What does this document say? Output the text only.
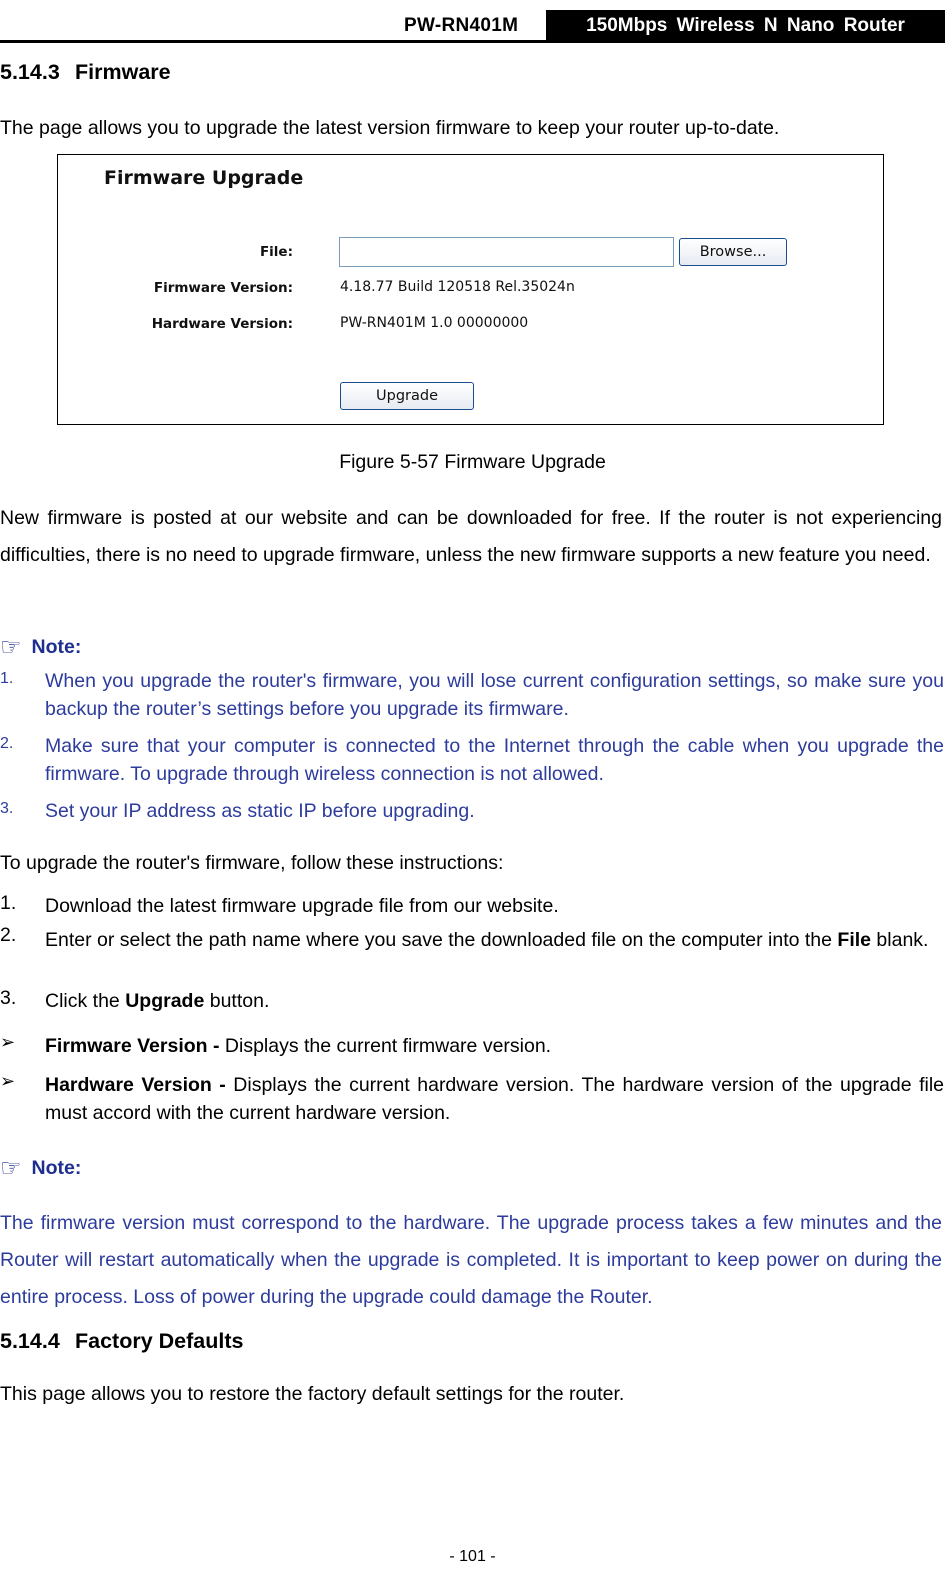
PW-RN401M	150Mbps Wireless N Nano Router
5.14.3 Firmware
The page allows you to upgrade the latest version firmware to keep your router up-to-date.
Firmware Upgrade
File:	Browse...
Firmware Version:	4.18.77 Build 120518 Rel.35024n
Hardware Version:	PW-RN401M 1.0 00000000
Upgrade
Figure 5-57 Firmware Upgrade
New firmware is posted at our website and can be downloaded for free. If the router is not experiencing difficulties, there is no need to upgrade firmware, unless the new firmware supports a new feature you need.
☞ Note:
1. When you upgrade the router's firmware, you will lose current configuration settings, so make sure you backup the router’s settings before you upgrade its firmware.
2. Make sure that your computer is connected to the Internet through the cable when you upgrade the firmware. To upgrade through wireless connection is not allowed.
3. Set your IP address as static IP before upgrading.
To upgrade the router's firmware, follow these instructions:
1. Download the latest firmware upgrade file from our website.
2.	Enter or select the path name where you save the downloaded file on the computer into the File blank.
3. Click the Upgrade button.
➢ Firmware Version - Displays the current firmware version.
➢ Hardware Version - Displays the current hardware version. The hardware version of the upgrade file must accord with the current hardware version.
☞ Note:
The firmware version must correspond to the hardware. The upgrade process takes a few minutes and the Router will restart automatically when the upgrade is completed. It is important to keep power on during the entire process. Loss of power during the upgrade could damage the Router.
5.14.4 Factory Defaults
This page allows you to restore the factory default settings for the router.
- 101 -
